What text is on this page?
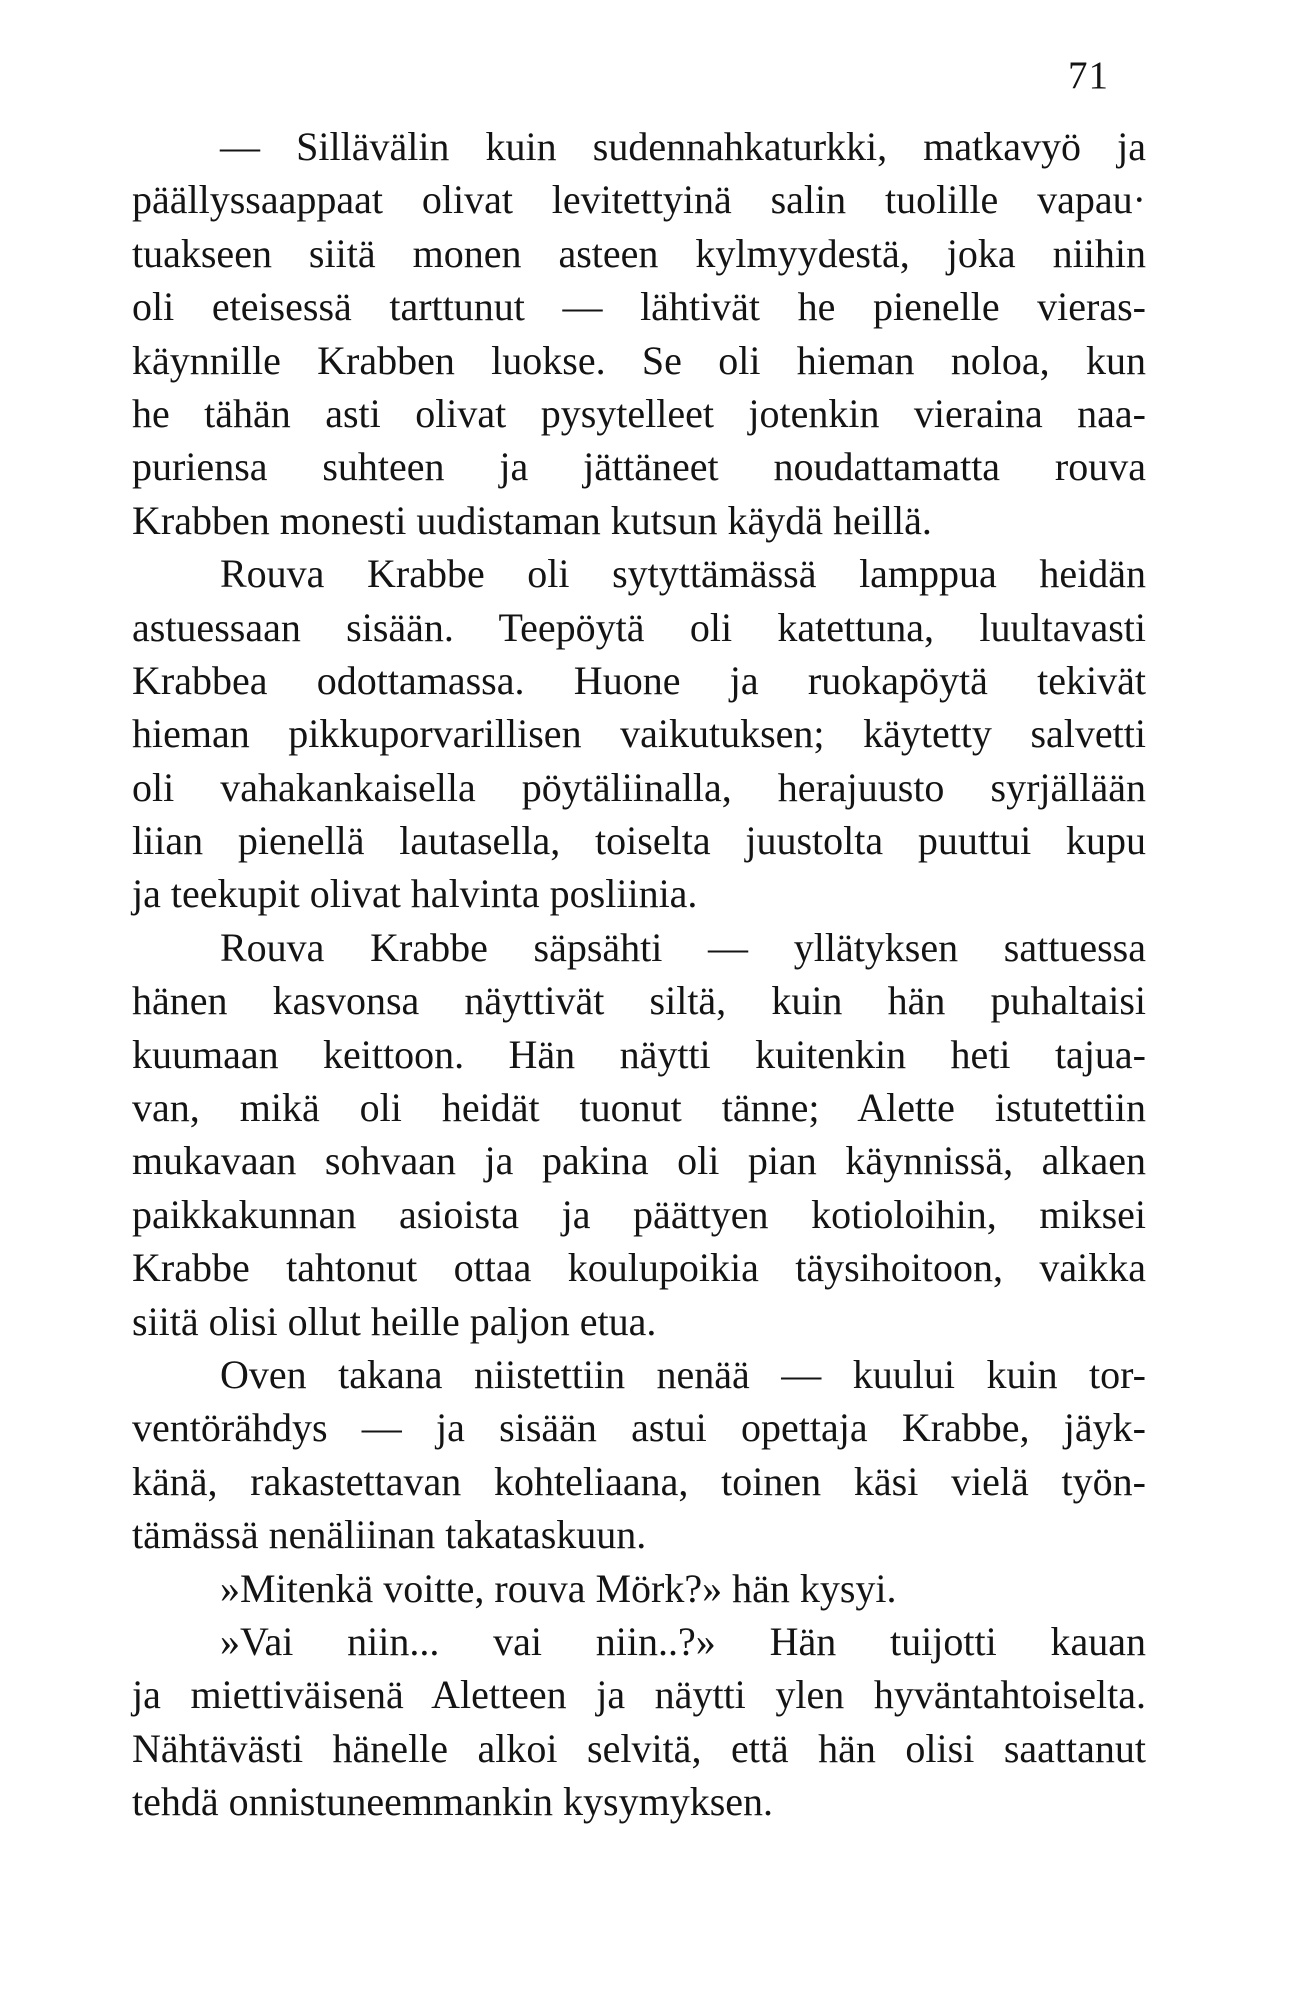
71
— Sillävälin kuin sudennahkaturkki, matkavyö ja
päällyssaappaat olivat levitettyinä salin tuolille vapau·
tuakseen siitä monen asteen kylmyydestä, joka niihin
oli eteisessä tarttunut — lähtivät he pienelle vieras-
käynnille Krabben luokse. Se oli hieman noloa, kun
he tähän asti olivat pysytelleet jotenkin vieraina naa-
puriensa suhteen ja jättäneet noudattamatta rouva
Krabben monesti uudistaman kutsun käydä heillä.
Rouva Krabbe oli sytyttämässä lamppua heidän
astuessaan sisään. Teepöytä oli katettuna, luultavasti
Krabbea odottamassa. Huone ja ruokapöytä tekivät
hieman pikkuporvarillisen vaikutuksen; käytetty salvetti
oli vahakankaisella pöytäliinalla, herajuusto syrjällään
liian pienellä lautasella, toiselta juustolta puuttui kupu
ja teekupit olivat halvinta posliinia.
Rouva Krabbe säpsähti — yllätyksen sattuessa
hänen kasvonsa näyttivät siltä, kuin hän puhaltaisi
kuumaan keittoon. Hän näytti kuitenkin heti tajua-
van, mikä oli heidät tuonut tänne; Alette istutettiin
mukavaan sohvaan ja pakina oli pian käynnissä, alkaen
paikkakunnan asioista ja päättyen kotioloihin, miksei
Krabbe tahtonut ottaa koulupoikia täysihoitoon, vaikka
siitä olisi ollut heille paljon etua.
Oven takana niistettiin nenää — kuului kuin tor-
ventörähdys — ja sisään astui opettaja Krabbe, jäyk-
känä, rakastettavan kohteliaana, toinen käsi vielä työn-
tämässä nenäliinan takataskuun.
»Mitenkä voitte, rouva Mörk?» hän kysyi.
»Vai niin... vai niin..?» Hän tuijotti kauan
ja miettiväisenä Aletteen ja näytti ylen hyväntahtoiselta.
Nähtävästi hänelle alkoi selvitä, että hän olisi saattanut
tehdä onnistuneemmankin kysymyksen.
